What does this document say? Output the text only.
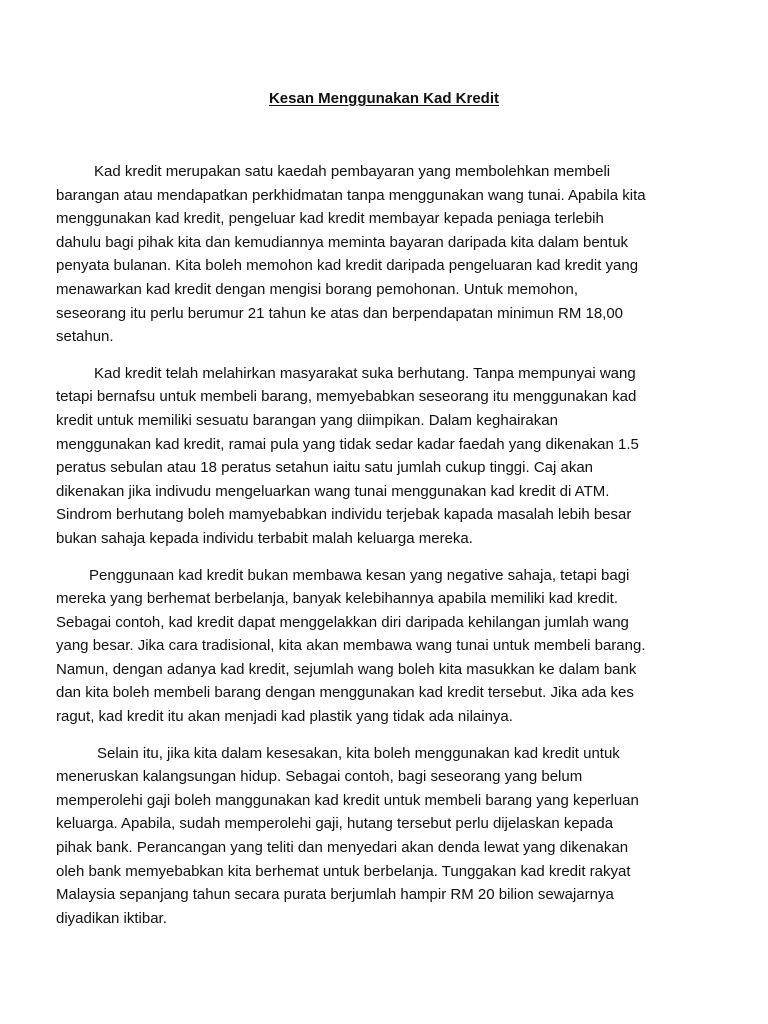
Kesan Menggunakan Kad Kredit

Kad kredit merupakan satu kaedah pembayaran yang membolehkan membeli
barangan atau mendapatkan perkhidmatan tanpa menggunakan wang tunai. Apabila kita
menggunakan kad kredit, pengeluar kad kredit membayar kepada peniaga terlebih
dahulu bagi pihak kita dan kemudiannya meminta bayaran daripada kita dalam bentuk
penyata bulanan. Kita boleh memohon kad kredit daripada pengeluaran kad kredit yang
menawarkan kad kredit dengan mengisi borang pemohonan. Untuk memohon,
seseorang itu perlu berumur 21 tahun ke atas dan berpendapatan minimun RM 18,00
setahun.

Kad kredit telah melahirkan masyarakat suka berhutang. Tanpa mempunyai wang
tetapi bernafsu untuk membeli barang, memyebabkan seseorang itu menggunakan kad
kredit untuk memiliki sesuatu barangan yang diimpikan. Dalam keghairakan
menggunakan kad kredit, ramai pula yang tidak sedar kadar faedah yang dikenakan 1.5
peratus sebulan atau 18 peratus setahun iaitu satu jumlah cukup tinggi. Caj akan
dikenakan jika indivudu mengeluarkan wang tunai menggunakan kad kredit di ATM.
Sindrom berhutang boleh mamyebabkan individu terjebak kapada masalah lebih besar
bukan sahaja kepada individu terbabit malah keluarga mereka.

Penggunaan kad kredit bukan membawa kesan yang negative sahaja, tetapi bagi
mereka yang berhemat berbelanja, banyak kelebihannya apabila memiliki kad kredit.
Sebagai contoh, kad kredit dapat menggelakkan diri daripada kehilangan jumlah wang
yang besar. Jika cara tradisional, kita akan membawa wang tunai untuk membeli barang.
Namun, dengan adanya kad kredit, sejumlah wang boleh kita masukkan ke dalam bank
dan kita boleh membeli barang dengan menggunakan kad kredit tersebut. Jika ada kes
ragut, kad kredit itu akan menjadi kad plastik yang tidak ada nilainya.

Selain itu, jika kita dalam kesesakan, kita boleh menggunakan kad kredit untuk
meneruskan kalangsungan hidup. Sebagai contoh, bagi seseorang yang belum
memperolehi gaji boleh manggunakan kad kredit untuk membeli barang yang keperluan
keluarga. Apabila, sudah memperolehi gaji, hutang tersebut perlu dijelaskan kepada
pihak bank. Perancangan yang teliti dan menyedari akan denda lewat yang dikenakan
oleh bank memyebabkan kita berhemat untuk berbelanja. Tunggakan kad kredit rakyat
Malaysia sepanjang tahun secara purata berjumlah hampir RM 20 bilion sewajarnya
diyadikan iktibar.
